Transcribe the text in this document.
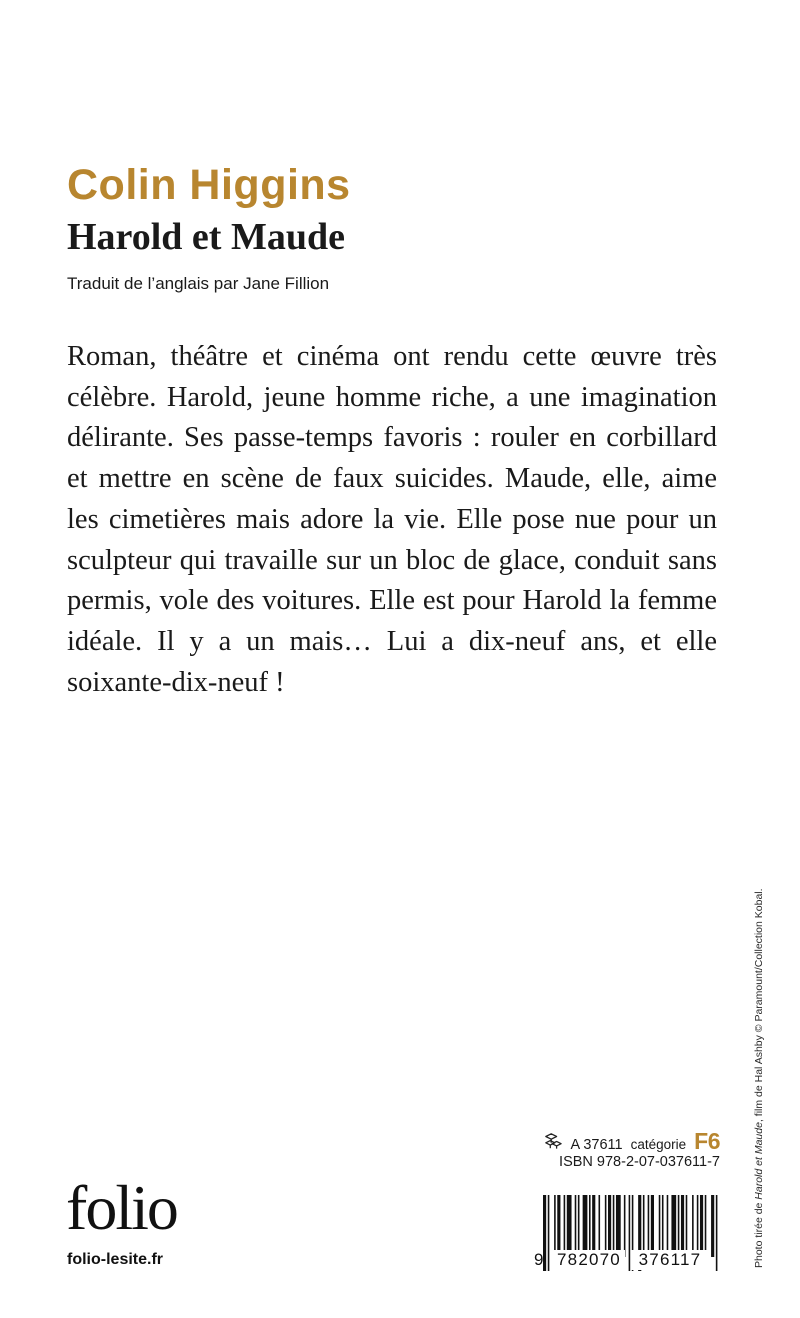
Colin Higgins
Harold et Maude

Traduit de l’anglais par Jane Fillion

Roman, théâtre et cinéma ont rendu cette œuvre très célèbre. Harold, jeune homme riche, a une imagination délirante. Ses passe-temps favoris : rouler en corbillard et mettre en scène de faux suicides. Maude, elle, aime les cimetières mais adore la vie. Elle pose nue pour un sculpteur qui travaille sur un bloc de glace, conduit sans permis, vole des voitures. Elle est pour Harold la femme idéale. Il y a un mais… Lui a dix-neuf ans, et elle soixante-dix-neuf !

Photo tirée de Harold et Maude, film de Hal Ashby © Paramount/Collection Kobal.
folio
folio-lesite.fr
A 37611 catégorie F6
ISBN 978-2-07-037611-7
9 782070	376117
